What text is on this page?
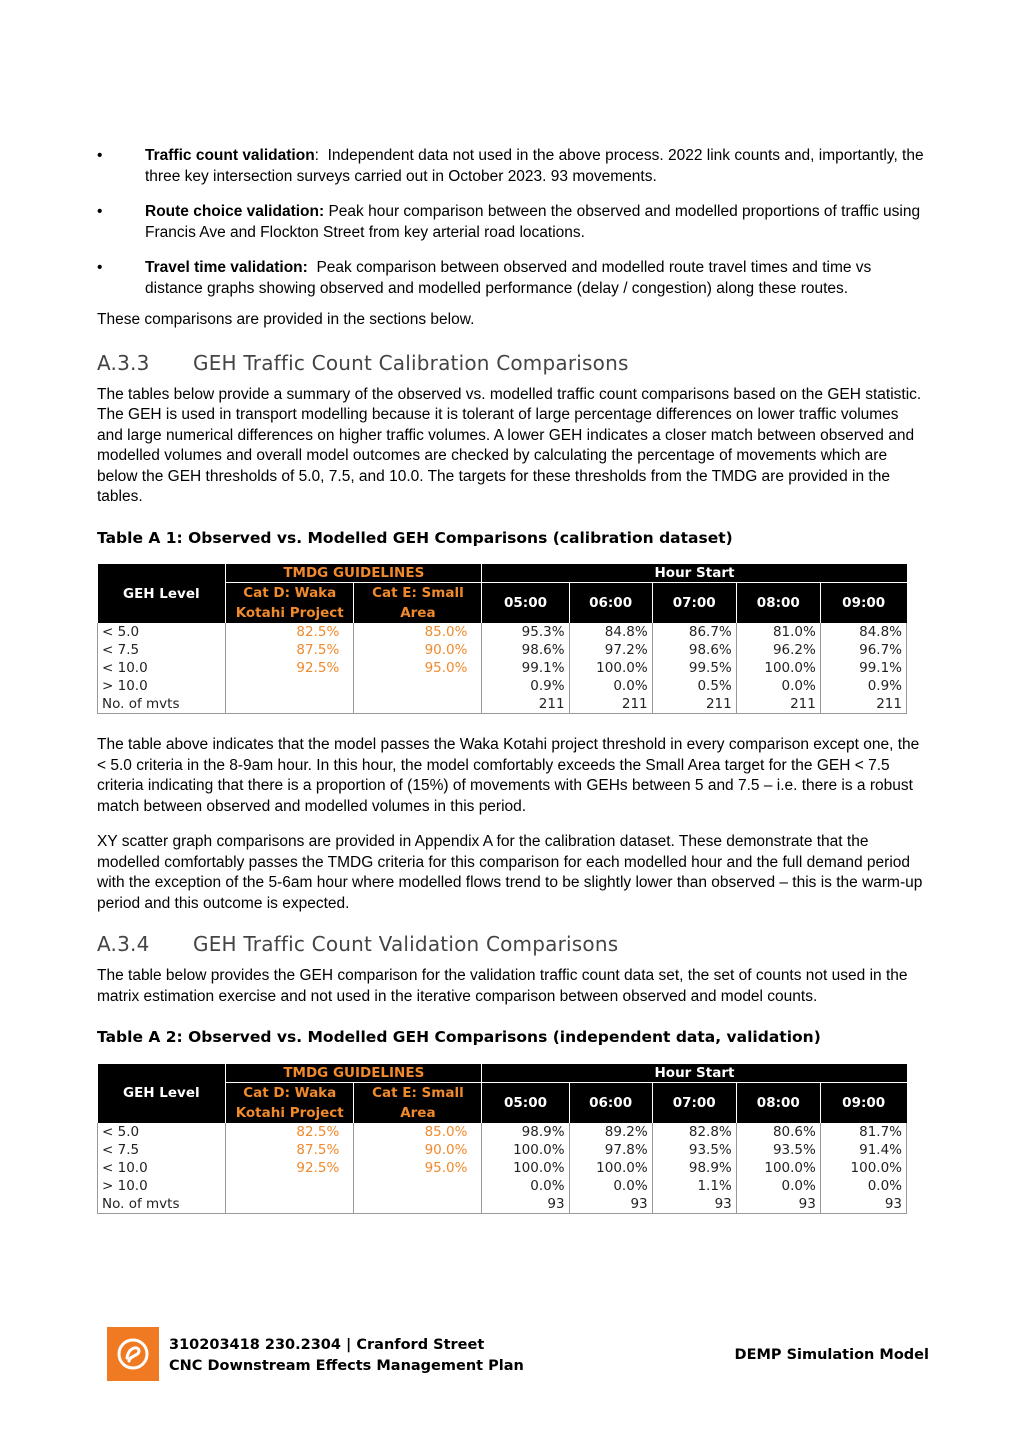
•	Traffic count validation:  Independent data not used in the above process. 2022 link counts and, importantly, the three key intersection surveys carried out in October 2023. 93 movements.
•	Route choice validation: Peak hour comparison between the observed and modelled proportions of traffic using Francis Ave and Flockton Street from key arterial road locations.
•	Travel time validation: Peak comparison between observed and modelled route travel times and time vs distance graphs showing observed and modelled performance (delay / congestion) along these routes.

These comparisons are provided in the sections below.

A.3.3 GEH Traffic Count Calibration Comparisons

The tables below provide a summary of the observed vs. modelled traffic count comparisons based on the GEH statistic. The GEH is used in transport modelling because it is tolerant of large percentage differences on lower traffic volumes and large numerical differences on higher traffic volumes. A lower GEH indicates a closer match between observed and modelled volumes and overall model outcomes are checked by calculating the percentage of movements which are below the GEH thresholds of 5.0, 7.5, and 10.0. The targets for these thresholds from the TMDG are provided in the tables.

Table A 1: Observed vs. Modelled GEH Comparisons (calibration dataset)

GEH Level	TMDG GUIDELINES		Hour Start				
	Cat D: Waka Kotahi Project	Cat E: Small Area					
			05:00	06:00	07:00	08:00	09:00
< 5.0	82.5%	85.0%	95.3%	84.8%	86.7%	81.0%	84.8%
< 7.5	87.5%	90.0%	98.6%	97.2%	98.6%	96.2%	96.7%
< 10.0	92.5%	95.0%	99.1%	100.0%	99.5%	100.0%	99.1%
> 10.0			0.9%	0.0%	0.5%	0.0%	0.9%
No. of mvts			211	211	211	211	211

The table above indicates that the model passes the Waka Kotahi project threshold in every comparison except one, the < 5.0 criteria in the 8-9am hour. In this hour, the model comfortably exceeds the Small Area target for the GEH < 7.5 criteria indicating that there is a proportion of (15%) of movements with GEHs between 5 and 7.5 – i.e. there is a robust match between observed and modelled volumes in this period.

XY scatter graph comparisons are provided in Appendix A for the calibration dataset. These demonstrate that the modelled comfortably passes the TMDG criteria for this comparison for each modelled hour and the full demand period with the exception of the 5-6am hour where modelled flows trend to be slightly lower than observed – this is the warm-up period and this outcome is expected.

A.3.4 GEH Traffic Count Validation Comparisons

The table below provides the GEH comparison for the validation traffic count data set, the set of counts not used in the matrix estimation exercise and not used in the iterative comparison between observed and model counts.

Table A 2: Observed vs. Modelled GEH Comparisons (independent data, validation)

GEH Level	TMDG GUIDELINES		Hour Start				
	Cat D: Waka Kotahi Project	Cat E: Small Area					
			05:00	06:00	07:00	08:00	09:00
< 5.0	82.5%	85.0%	98.9%	89.2%	82.8%	80.6%	81.7%
< 7.5	87.5%	90.0%	100.0%	97.8%	93.5%	93.5%	91.4%
< 10.0	92.5%	95.0%	100.0%	100.0%	98.9%	100.0%	100.0%
> 10.0			0.0%	0.0%	1.1%	0.0%	0.0%
No. of mvts			93	93	93	93	93
310203418 230.2304 | Cranford Street
CNC Downstream Effects Management Plan
DEMP Simulation Model
